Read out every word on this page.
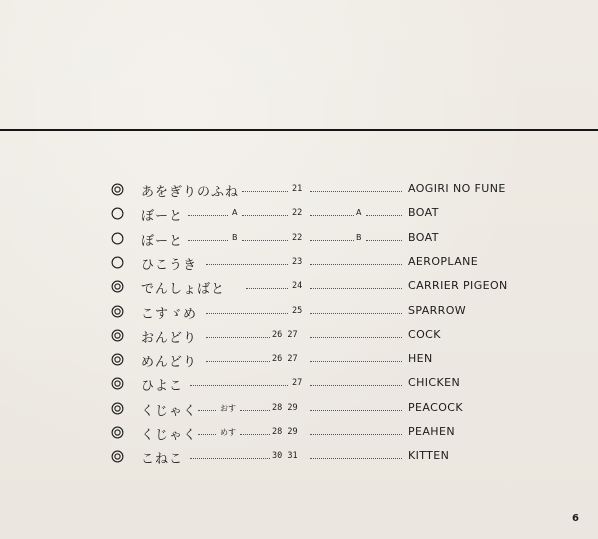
あをぎりのふね	21	AOGIRI NO FUNE
ぼーと	A	22	A	BOAT
ぼーと	B	22	B	BOAT
ひこうき	23	AEROPLANE
でんしょばと	24	CARRIER PIGEON
こすゞめ	25	SPARROW
おんどり	26 27	COCK
めんどり	26 27	HEN
ひよこ	27	CHICKEN
くじゃく	おす	28 29	PEACOCK
くじゃく	めす	28 29	PEAHEN
こねこ	30 31	KITTEN
6
